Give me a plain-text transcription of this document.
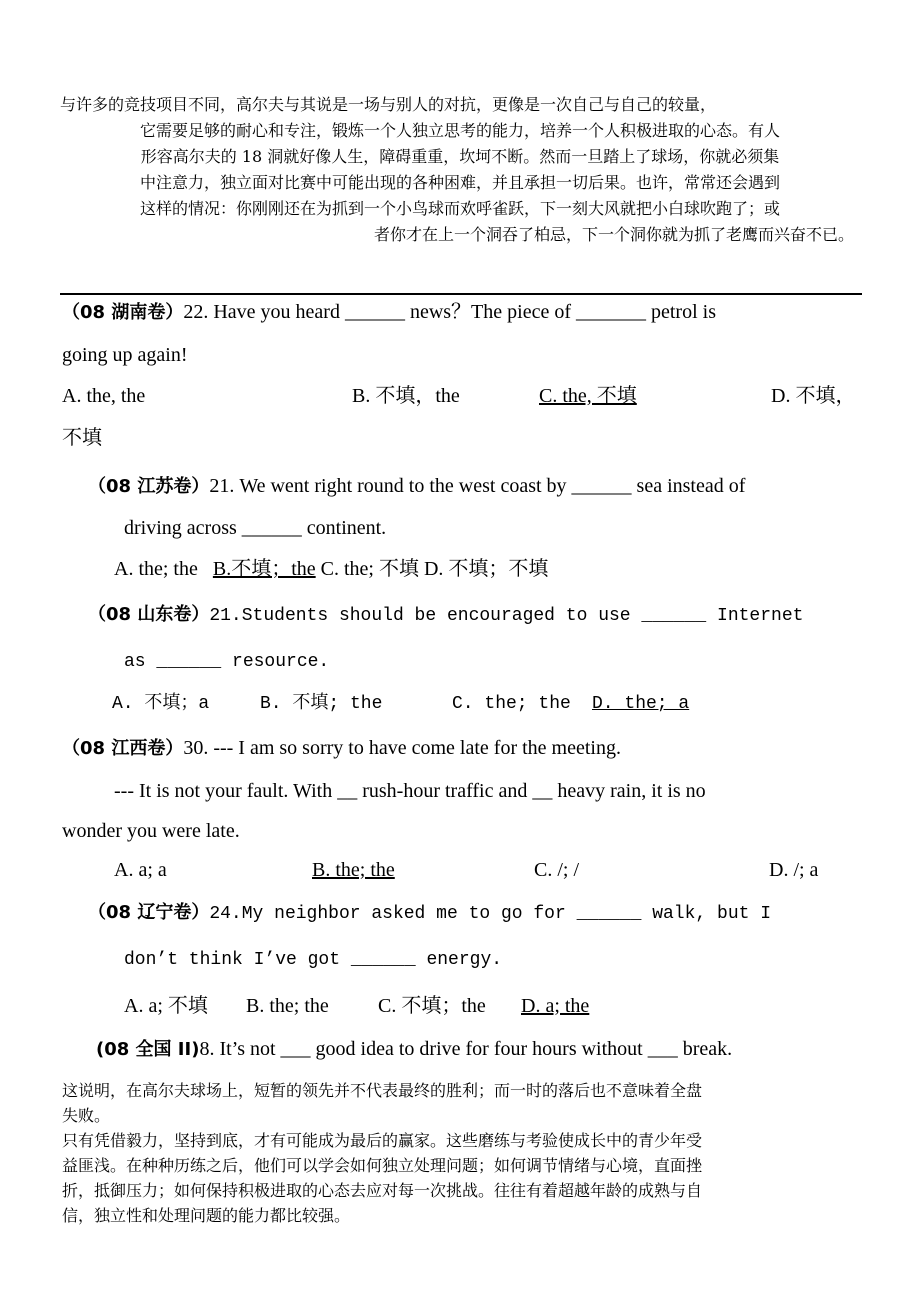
与许多的竞技项目不同，高尔夫与其说是一场与别人的对抗，更像是一次自己与自己的较量，
它需要足够的耐心和专注，锻炼一个人独立思考的能力，培养一个人积极进取的心态。有人
形容高尔夫的 18 洞就好像人生，障碍重重，坎坷不断。然而一旦踏上了球场，你就必须集
中注意力，独立面对比赛中可能出现的各种困难，并且承担一切后果。也许，常常还会遇到
这样的情况：你刚刚还在为抓到一个小鸟球而欢呼雀跃，下一刻大风就把小白球吹跑了；或
者你才在上一个洞吞了柏忌，下一个洞你就为抓了老鹰而兴奋不已。
（08 湖南卷）22. Have you heard ______ news？The piece of _______ petrol is
going up again!
A. the, the	B. 不填，the	C. the, 不填	D. 不填，
不填
（08 江苏卷）21. We went right round to the west coast by ______ sea instead of
driving across ______ continent.
A. the; the B.不填；the C. the; 不填 D. 不填；不填
（08 山东卷）21.Students should be encouraged to use ______ Internet
as ______ resource.
A. 不填；a	B. 不填; the	C. the; the D. the; a
（08 江西卷）30. --- I am so sorry to have come late for the meeting.
--- It is not your fault. With __ rush-hour traffic and __ heavy rain, it is no
wonder you were late.
A. a; a	B. the; the	C. /; /	D. /; a
（08 辽宁卷）24.My neighbor asked me to go for ______ walk, but I
don’t think I’ve got ______ energy.
A. a; 不填 B. the; the C. 不填；the D. a; the
(08 全国 II)8. It’s not ___ good idea to drive for four hours without ___ break.
这说明，在高尔夫球场上，短暂的领先并不代表最终的胜利；而一时的落后也不意味着全盘
失败。
只有凭借毅力，坚持到底，才有可能成为最后的赢家。这些磨练与考验使成长中的青少年受
益匪浅。在种种历练之后，他们可以学会如何独立处理问题；如何调节情绪与心境，直面挫
折，抵御压力；如何保持积极进取的心态去应对每一次挑战。往往有着超越年龄的成熟与自
信，独立性和处理问题的能力都比较强。
